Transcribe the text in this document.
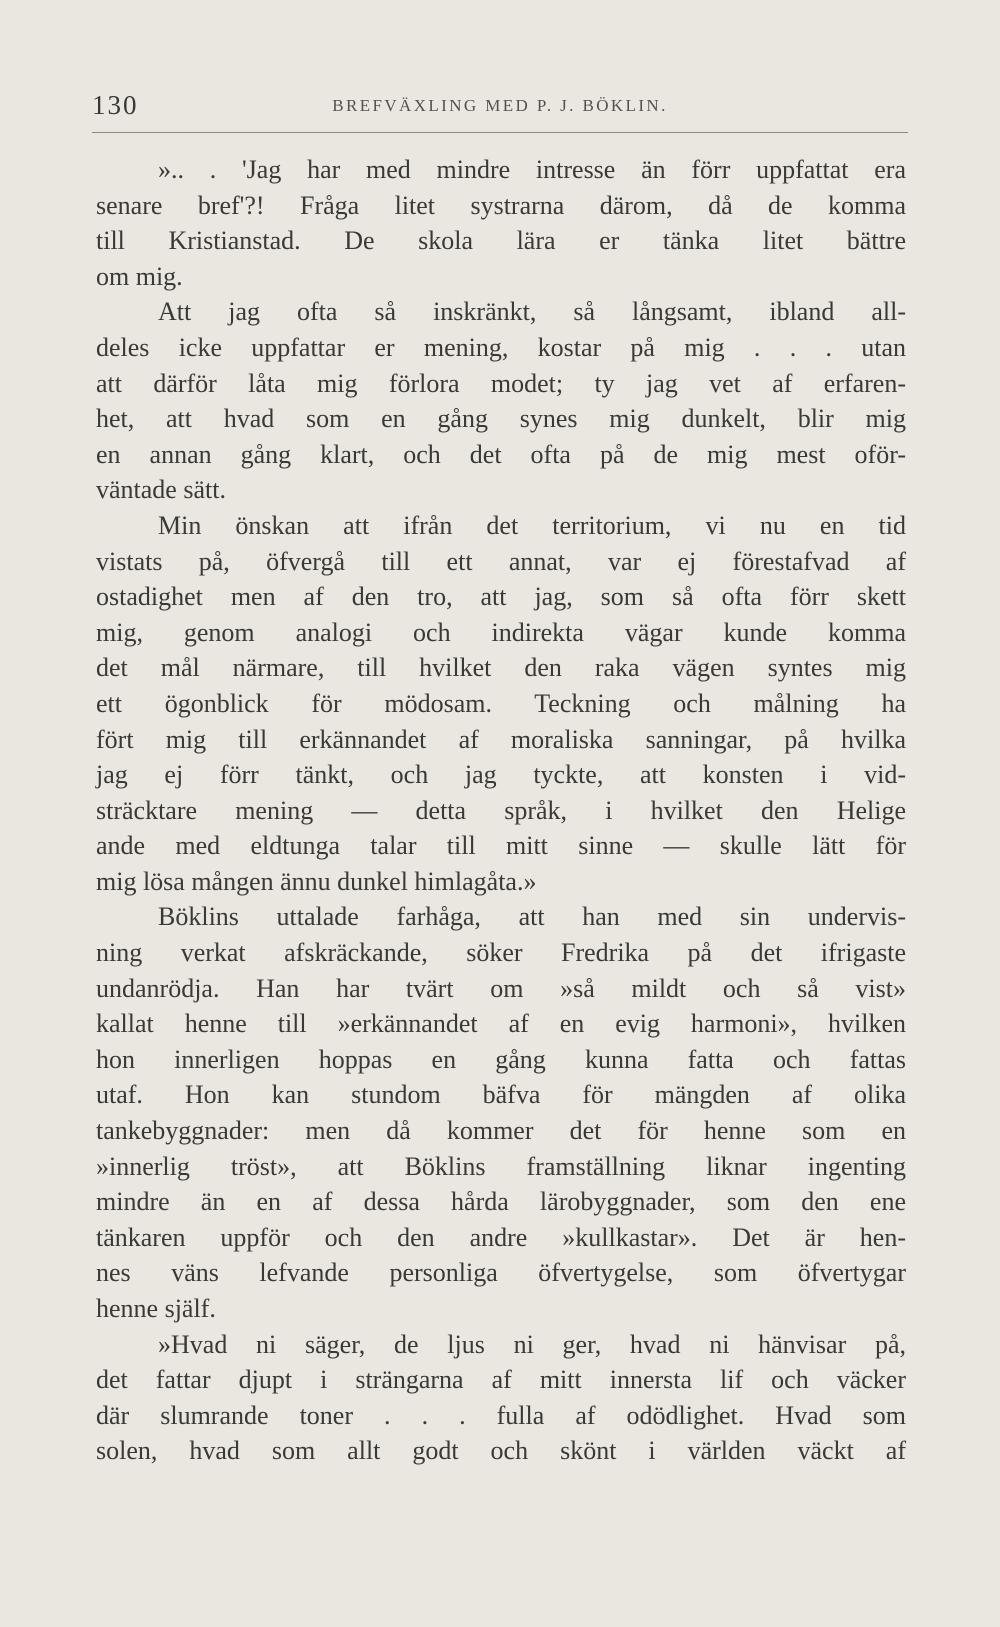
130	BREFVÄXLING MED P. J. BÖKLIN.
».. . 'Jag har med mindre intresse än förr uppfattat era
senare bref'?! Fråga litet systrarna därom, då de komma
till Kristianstad. De skola lära er tänka litet bättre
om mig.
Att jag ofta så inskränkt, så långsamt, ibland all-
deles icke uppfattar er mening, kostar på mig . . . utan
att därför låta mig förlora modet; ty jag vet af erfaren-
het, att hvad som en gång synes mig dunkelt, blir mig
en annan gång klart, och det ofta på de mig mest oför-
väntade sätt.
Min önskan att ifrån det territorium, vi nu en tid
vistats på, öfvergå till ett annat, var ej förestafvad af
ostadighet men af den tro, att jag, som så ofta förr skett
mig, genom analogi och indirekta vägar kunde komma
det mål närmare, till hvilket den raka vägen syntes mig
ett ögonblick för mödosam. Teckning och målning ha
fört mig till erkännandet af moraliska sanningar, på hvilka
jag ej förr tänkt, och jag tyckte, att konsten i vid-
sträcktare mening — detta språk, i hvilket den Helige
ande med eldtunga talar till mitt sinne — skulle lätt för
mig lösa mången ännu dunkel himlagåta.»
Böklins uttalade farhåga, att han med sin undervis-
ning verkat afskräckande, söker Fredrika på det ifrigaste
undanrödja. Han har tvärt om »så mildt och så vist»
kallat henne till »erkännandet af en evig harmoni», hvilken
hon innerligen hoppas en gång kunna fatta och fattas
utaf. Hon kan stundom bäfva för mängden af olika
tankebyggnader: men då kommer det för henne som en
»innerlig tröst», att Böklins framställning liknar ingenting
mindre än en af dessa hårda lärobyggnader, som den ene
tänkaren uppför och den andre »kullkastar». Det är hen-
nes väns lefvande personliga öfvertygelse, som öfvertygar
henne själf.
»Hvad ni säger, de ljus ni ger, hvad ni hänvisar på,
det fattar djupt i strängarna af mitt innersta lif och väcker
där slumrande toner . . . fulla af odödlighet. Hvad som
solen, hvad som allt godt och skönt i världen väckt af
